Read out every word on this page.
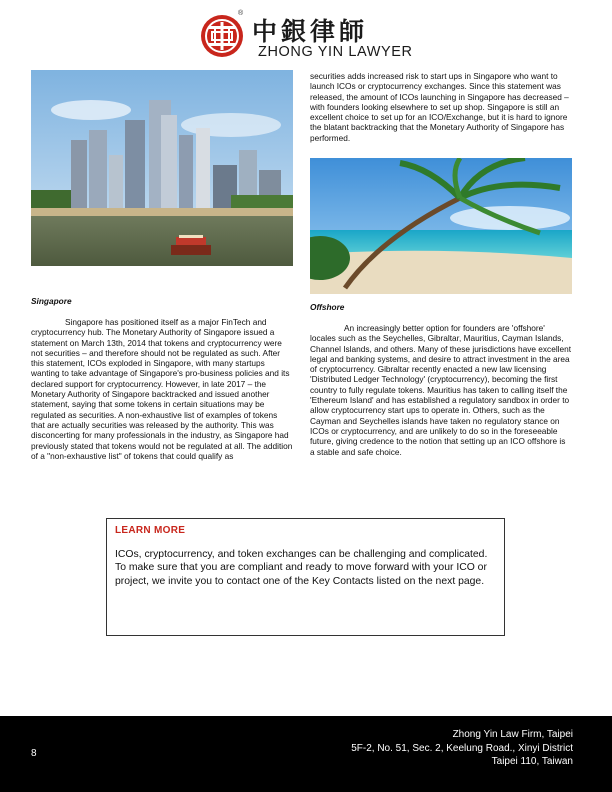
®
中銀律師
ZHONG YIN LAWYER

securities adds increased risk to start ups in Singapore who want to launch ICOs or cryptocurrency exchanges. Since this statement was released, the amount of ICOs launching in Singapore has decreased – with founders looking elsewhere to set up shop. Singapore is still an excellent choice to set up for an ICO/Exchange, but it is hard to ignore the blatant backtracking that the Monetary Authority of Singapore has performed.

Singapore

Singapore has positioned itself as a major FinTech and cryptocurrency hub. The Monetary Authority of Singapore issued a statement on March 13th, 2014 that tokens and cryptocurrency were not securities – and therefore should not be regulated as such. After this statement, ICOs exploded in Singapore, with many startups wanting to take advantage of Singapore's pro-business policies and its declared support for cryptocurrency. However, in late 2017 – the Monetary Authority of Singapore backtracked and issued another statement, saying that some tokens in certain situations may be regulated as securities. A non-exhaustive list of examples of tokens that are actually securities was released by the authority. This was disconcerting for many professionals in the industry, as Singapore had previously stated that tokens would not be regulated at all. The addition of a "non-exhaustive list" of tokens that could qualify as

Offshore

An increasingly better option for founders are 'offshore' locales such as the Seychelles, Gibraltar, Mauritius, Cayman Islands, Channel Islands, and others. Many of these jurisdictions have excellent legal and banking systems, and desire to attract investment in the area of cryptocurrency. Gibraltar recently enacted a new law licensing 'Distributed Ledger Technology' (cryptocurrency), becoming the first country to fully regulate tokens. Mauritius has taken to calling itself the 'Ethereum Island' and has established a regulatory sandbox in order to allow cryptocurrency start ups to operate in. Others, such as the Cayman and Seychelles islands have taken no regulatory stance on ICOs or cryptocurrency, and are unlikely to do so in the foreseeable future, giving credence to the notion that setting up an ICO offshore is a stable and safe choice.

LEARN MORE
ICOs, cryptocurrency, and token exchanges can be challenging and complicated. To make sure that you are compliant and ready to move forward with your ICO or project, we invite you to contact one of the Key Contacts listed on the next page.
8
Zhong Yin Law Firm, Taipei
5F-2, No. 51, Sec. 2, Keelung Road., Xinyi District
Taipei 110, Taiwan
